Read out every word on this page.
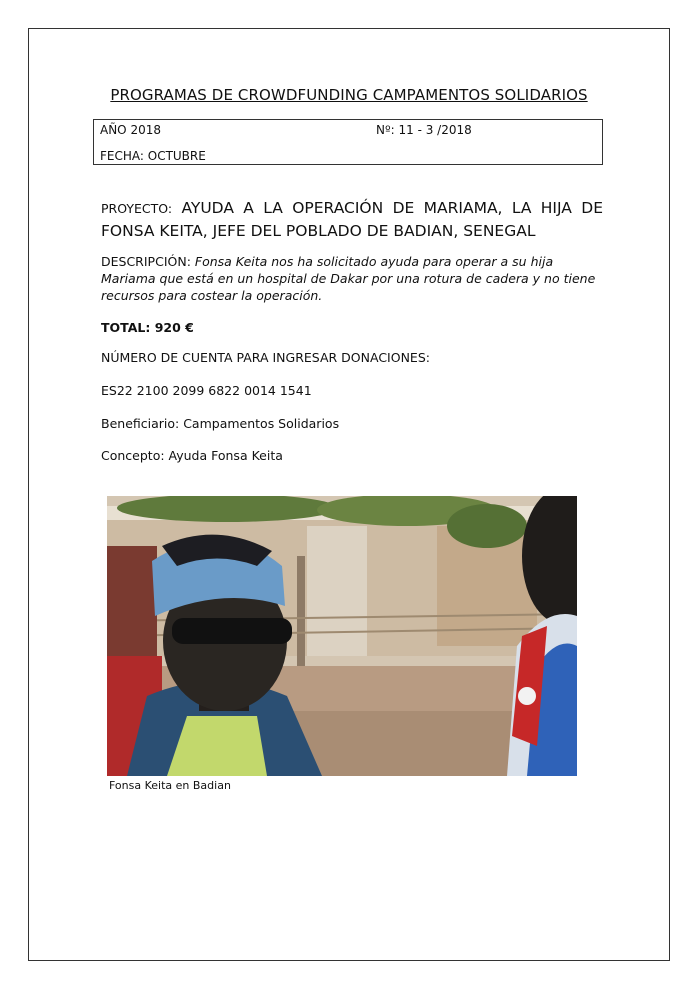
PROGRAMAS DE CROWDFUNDING CAMPAMENTOS SOLIDARIOS
AÑO 2018	Nº: 11 - 3 /2018
FECHA: OCTUBRE
PROYECTO: AYUDA A LA OPERACIÓN DE MARIAMA, LA HIJA DE FONSA KEITA, JEFE DEL POBLADO DE BADIAN, SENEGAL
DESCRIPCIÓN: Fonsa Keita nos ha solicitado ayuda para operar a su hija Mariama que está en un hospital de Dakar por una rotura de cadera y no tiene recursos para costear la operación.
TOTAL: 920 €
NÚMERO DE CUENTA PARA INGRESAR DONACIONES:
ES22 2100 2099 6822 0014 1541
Beneficiario: Campamentos Solidarios
Concepto: Ayuda Fonsa Keita
Fonsa Keita en Badian
